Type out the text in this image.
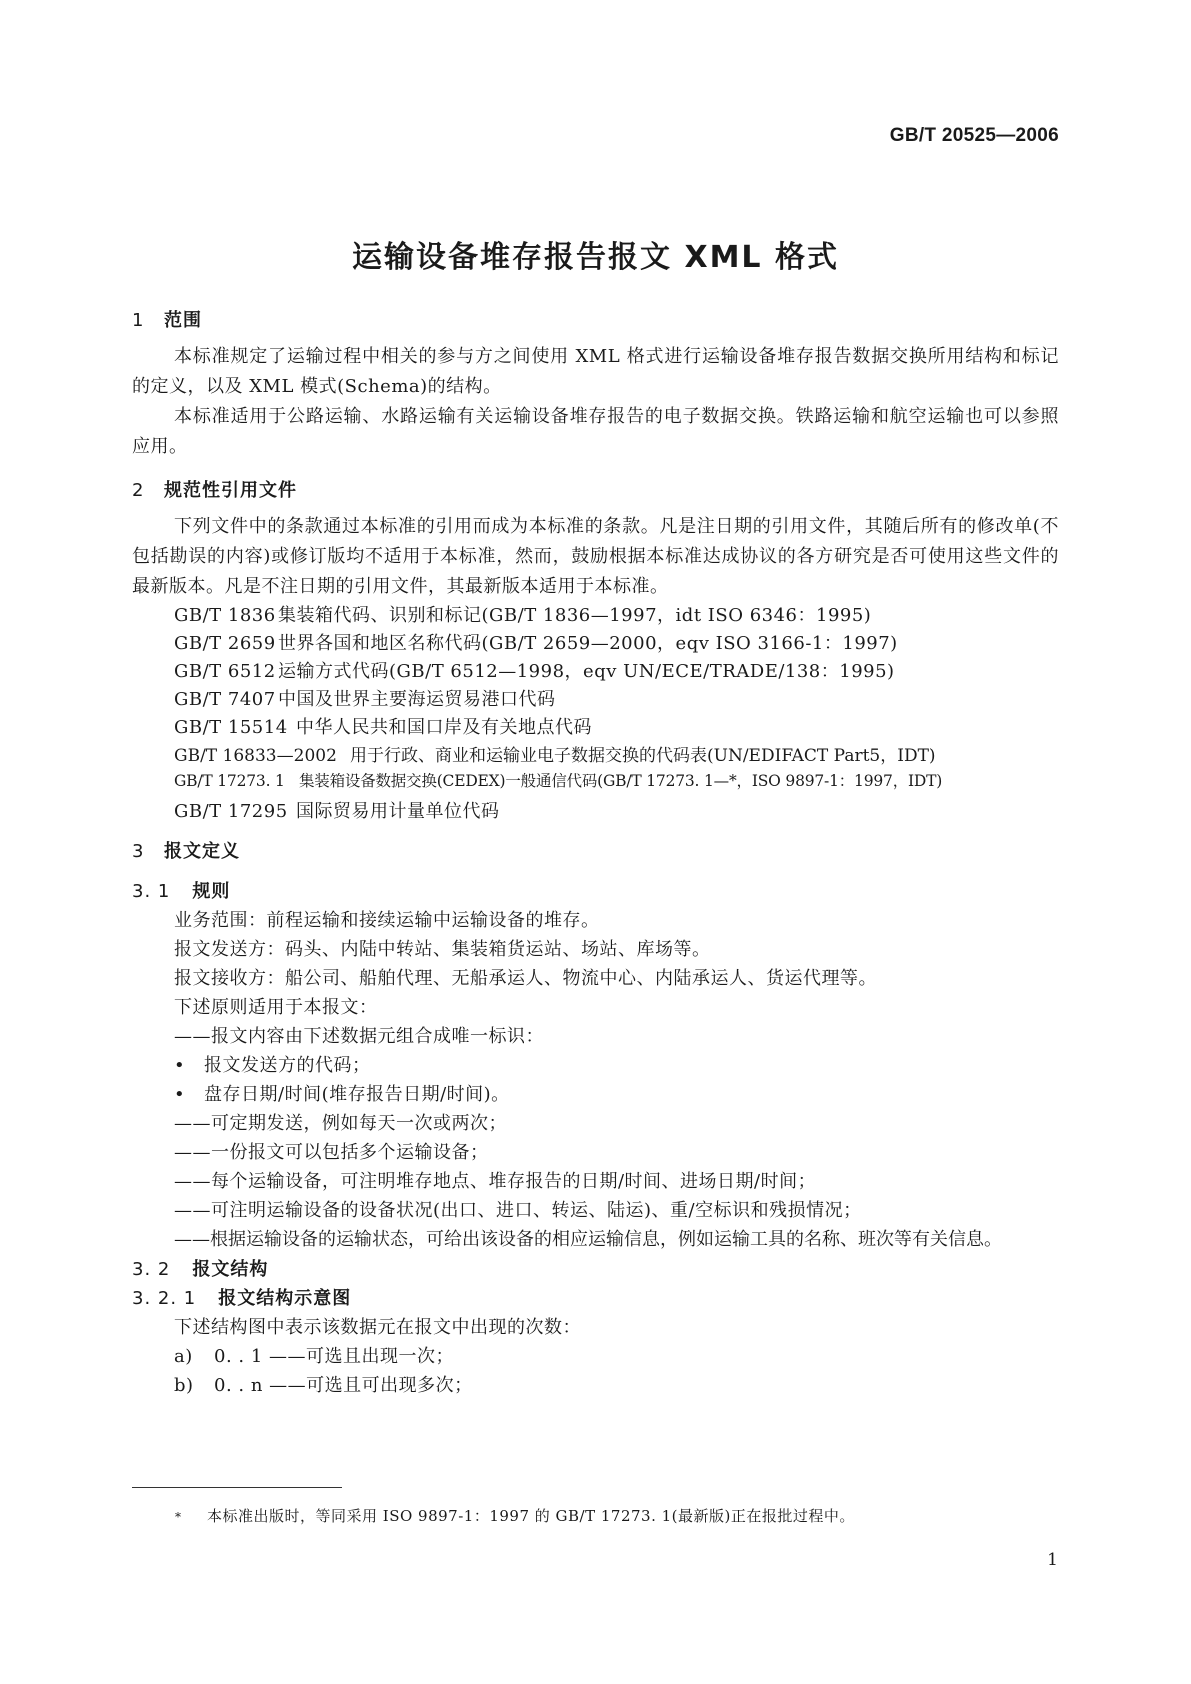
GB/T 20525—2006
运输设备堆存报告报文 XML 格式
1 范围
本标准规定了运输过程中相关的参与方之间使用 XML 格式进行运输设备堆存报告数据交换所用结构和标记的定义，以及 XML 模式(Schema)的结构。
本标准适用于公路运输、水路运输有关运输设备堆存报告的电子数据交换。铁路运输和航空运输也可以参照应用。
2 规范性引用文件
下列文件中的条款通过本标准的引用而成为本标准的条款。凡是注日期的引用文件，其随后所有的修改单(不包括勘误的内容)或修订版均不适用于本标准，然而，鼓励根据本标准达成协议的各方研究是否可使用这些文件的最新版本。凡是不注日期的引用文件，其最新版本适用于本标准。
GB/T 1836 集装箱代码、识别和标记(GB/T 1836—1997，idt ISO 6346：1995)
GB/T 2659 世界各国和地区名称代码(GB/T 2659—2000，eqv ISO 3166-1：1997)
GB/T 6512 运输方式代码(GB/T 6512—1998，eqv UN/ECE/TRADE/138：1995)
GB/T 7407 中国及世界主要海运贸易港口代码
GB/T 15514 中华人民共和国口岸及有关地点代码
GB/T 16833—2002 用于行政、商业和运输业电子数据交换的代码表(UN/EDIFACT Part5，IDT)
GB/T 17273. 1 集装箱设备数据交换(CEDEX)一般通信代码(GB/T 17273. 1—*，ISO 9897-1：1997，IDT)
GB/T 17295 国际贸易用计量单位代码
3 报文定义
3. 1 规则
业务范围：前程运输和接续运输中运输设备的堆存。
报文发送方：码头、内陆中转站、集装箱货运站、场站、库场等。
报文接收方：船公司、船舶代理、无船承运人、物流中心、内陆承运人、货运代理等。
下述原则适用于本报文：
——报文内容由下述数据元组合成唯一标识：
• 报文发送方的代码；
• 盘存日期/时间(堆存报告日期/时间)。
——可定期发送，例如每天一次或两次；
——一份报文可以包括多个运输设备；
——每个运输设备，可注明堆存地点、堆存报告的日期/时间、进场日期/时间；
——可注明运输设备的设备状况(出口、进口、转运、陆运)、重/空标识和残损情况；
——根据运输设备的运输状态，可给出该设备的相应运输信息，例如运输工具的名称、班次等有关信息。
3. 2 报文结构
3. 2. 1 报文结构示意图
下述结构图中表示该数据元在报文中出现的次数：
a) 0. . 1 ——可选且出现一次；
b) 0. . n ——可选且可出现多次；
* 本标准出版时，等同采用 ISO 9897-1：1997 的 GB/T 17273. 1(最新版)正在报批过程中。
1
